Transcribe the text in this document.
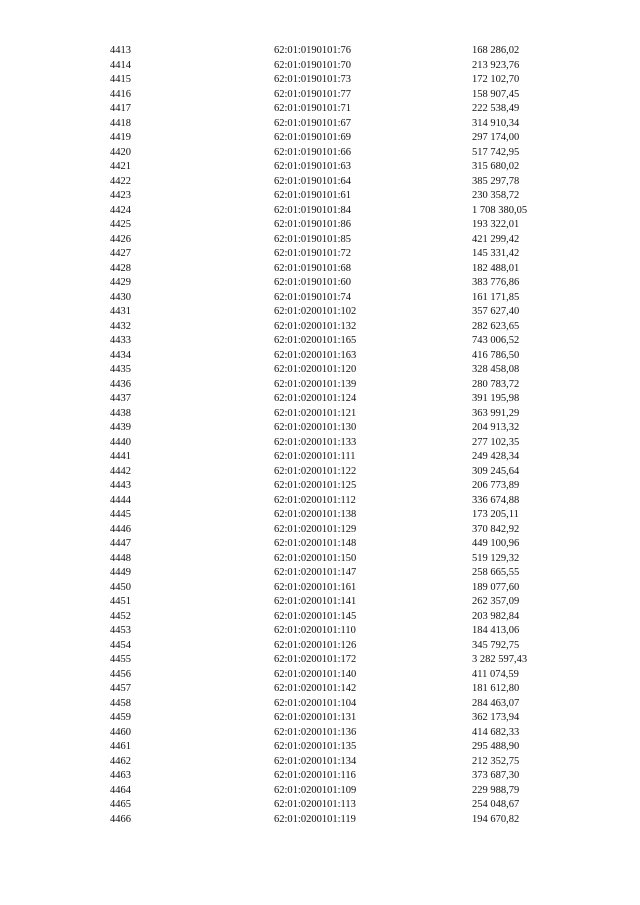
4413	62:01:0190101:76	168 286,02
4414	62:01:0190101:70	213 923,76
4415	62:01:0190101:73	172 102,70
4416	62:01:0190101:77	158 907,45
4417	62:01:0190101:71	222 538,49
4418	62:01:0190101:67	314 910,34
4419	62:01:0190101:69	297 174,00
4420	62:01:0190101:66	517 742,95
4421	62:01:0190101:63	315 680,02
4422	62:01:0190101:64	385 297,78
4423	62:01:0190101:61	230 358,72
4424	62:01:0190101:84	1 708 380,05
4425	62:01:0190101:86	193 322,01
4426	62:01:0190101:85	421 299,42
4427	62:01:0190101:72	145 331,42
4428	62:01:0190101:68	182 488,01
4429	62:01:0190101:60	383 776,86
4430	62:01:0190101:74	161 171,85
4431	62:01:0200101:102	357 627,40
4432	62:01:0200101:132	282 623,65
4433	62:01:0200101:165	743 006,52
4434	62:01:0200101:163	416 786,50
4435	62:01:0200101:120	328 458,08
4436	62:01:0200101:139	280 783,72
4437	62:01:0200101:124	391 195,98
4438	62:01:0200101:121	363 991,29
4439	62:01:0200101:130	204 913,32
4440	62:01:0200101:133	277 102,35
4441	62:01:0200101:111	249 428,34
4442	62:01:0200101:122	309 245,64
4443	62:01:0200101:125	206 773,89
4444	62:01:0200101:112	336 674,88
4445	62:01:0200101:138	173 205,11
4446	62:01:0200101:129	370 842,92
4447	62:01:0200101:148	449 100,96
4448	62:01:0200101:150	519 129,32
4449	62:01:0200101:147	258 665,55
4450	62:01:0200101:161	189 077,60
4451	62:01:0200101:141	262 357,09
4452	62:01:0200101:145	203 982,84
4453	62:01:0200101:110	184 413,06
4454	62:01:0200101:126	345 792,75
4455	62:01:0200101:172	3 282 597,43
4456	62:01:0200101:140	411 074,59
4457	62:01:0200101:142	181 612,80
4458	62:01:0200101:104	284 463,07
4459	62:01:0200101:131	362 173,94
4460	62:01:0200101:136	414 682,33
4461	62:01:0200101:135	295 488,90
4462	62:01:0200101:134	212 352,75
4463	62:01:0200101:116	373 687,30
4464	62:01:0200101:109	229 988,79
4465	62:01:0200101:113	254 048,67
4466	62:01:0200101:119	194 670,82
